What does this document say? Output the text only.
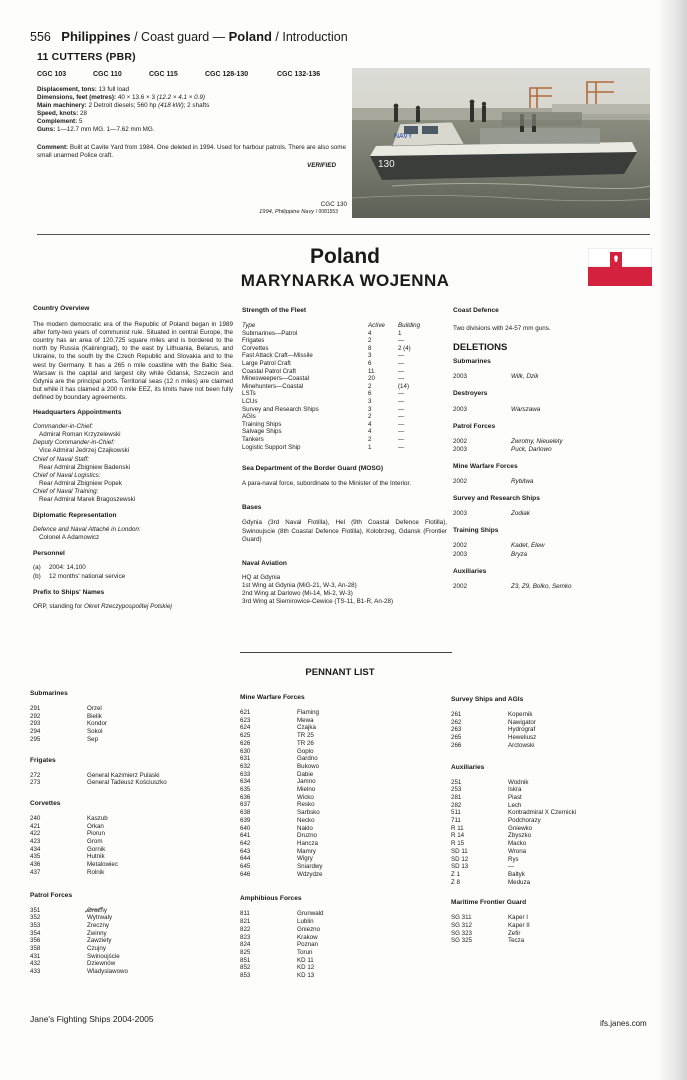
556 Philippines / Coast guard — Poland / Introduction
11 CUTTERS (PBR)
CGC 103	CGC 110	CGC 115	CGC 128-130	CGC 132-136
Displacement, tons: 13 full load
Dimensions, feet (metres): 40 × 13.6 × 3 (12.2 × 4.1 × 0.9)
Main machinery: 2 Detroit diesels; 560 hp (418 kW); 2 shafts
Speed, knots: 28
Complement: 5
Guns: 1—12.7 mm MG. 1—7.62 mm MG.
Comment: Built at Cavite Yard from 1984. One deleted in 1994. Used for harbour patrols. There are also some small unarmed Police craft.
VERIFIED
CGC 130
1994, Philippine Navy / 0081553
NAVY
130
Poland
MARYNARKA WOJENNA
Country Overview

The modern democratic era of the Republic of Poland began in 1989 after forty-two years of communist rule. Situated in central Europe, the country has an area of 120,725 square miles and is bordered to the north by Russia (Kaliningrad), to the east by Lithuania, Belarus, and Ukraine, to the south by the Czech Republic and Slovakia and to the west by Germany. It has a 265 n mile coastline with the Baltic Sea. Warsaw is the capital and largest city while Gdansk, Szczecin and Gdynia are the principal ports. Territorial seas (12 n miles) are claimed but while it has claimed a 200 n mile EEZ, its limits have not been fully defined by boundary agreements.

Headquarters Appointments
Commander-in-Chief:
Admiral Roman Krzyzelewski
Deputy Commander-in-Chief:
Vice Admiral Jedrzej Czajkowski
Chief of Naval Staff:
Rear Admiral Zbigniew Badenski
Chief of Naval Logistics:
Rear Admiral Zbigniew Popek
Chief of Naval Training:
Rear Admiral Marek Bragoszewski
Diplomatic Representation
Defence and Naval Attaché in London:
Colonel A Adamowicz
Personnel
(a)	2004: 14,100
(b)	12 months' national service
Prefix to Ships' Names

ORP, standing for Okret Rzeczypospolitej Polskiej

Strength of the Fleet
Type	Active	Building
Submarines—Patrol	4	1
Frigates	2	—
Corvettes	8	2 (4)
Fast Attack Craft—Missile	3	—
Large Patrol Craft	6	—
Coastal Patrol Craft	11	—
Minesweepers—Coastal	20	—
Minehunters—Coastal	2	(14)
LSTs	6	—
LCUs	3	—
Survey and Research Ships	3	—
AGIs	2	—
Training Ships	4	—
Salvage Ships	4	—
Tankers	2	—
Logistic Support Ship	1	—
Sea Department of the Border Guard (MOSG)

A para-naval force, subordinate to the Minister of the Interior.

Bases

Gdynia (3rd Naval Flotilla), Hel (9th Coastal Defence Flotilla), Swinoujscie (8th Coastal Defence Flotilla), Kolobrzeg, Gdansk (Frontier Guard)

Naval Aviation
HQ at Gdynia
1st Wing at Gdynia (MiG-21, W-3, An-28)
2nd Wing at Darlowo (Mi-14, Mi-2, W-3)
3rd Wing at Siemirowice-Cewice (TS-11, B1-R, An-28)
Coast Defence

Two divisions with 24-57 mm guns.

DELETIONS
Submarines
2003	Wilk, Dzik
Destroyers
2003	Warszawa
Patrol Forces
2002	Zwrotny, Nieuelety
2003	Puck, Darlowo
Mine Warfare Forces
2002	Rybitwa
Survey and Research Ships
2003	Zodiak
Training Ships
2002	Kadet, Elew
2003	Bryza
Auxiliaries
2002	Z3, Z9, Bolko, Semko
PENNANT LIST
Submarines
291	Orzel
292	Bielik
293	Kondor
294	Sokol
295	Sep
Frigates
272	General Kazimierz Pulaski
273	General Tadeusz Kościuszko
Corvettes
240	Kaszub
421	Orkan
422	Piorun
423	Grom
434	Gornik
435	Hutnik
436	Metalowiec
437	Rolnik
Patrol Forces
351	Grozny
352	Wytrwaly
353	Zreczny
354	Zwinny
356	Zawziety
358	Czujny
431	Swinoujście
432	Dziewnów
433	Wladyslawowo
Mine Warfare Forces
621	Flaming
623	Mewa
624	Czajka
625	TR 25
626	TR 26
630	Goplo
631	Gardno
632	Bukowo
633	Dabie
634	Jamno
635	Mielno
636	Wicko
637	Resko
638	Sarbsko
639	Necko
640	Naklo
641	Druzno
642	Hancza
643	Mamry
644	Wigry
645	Sniardwy
646	Wdzydze
Amphibious Forces
811	Grunwald
821	Lublin
822	Gniezno
823	Krakow
824	Poznan
825	Torun
851	KD 11
852	KD 12
853	KD 13
Survey Ships and AGIs
261	Kopernik
262	Nawigator
263	Hydrograf
265	Heweliusz
266	Arctowski
Auxiliaries
251	Wodnik
253	Iskra
281	Piast
282	Lech
511	Kontradmiral X Czernicki
711	Podchorazy
R 11	Gniewko
R 14	Zbyszko
R 15	Macko
SD 11	Wrona
SD 12	Rys
SD 13	—
Z 1	Baltyk
Z 8	Meduza
Maritime Frontier Guard
SG 311	Kaper I
SG 312	Kaper II
SG 323	Zefir
SG 325	Tecza
Jane's Fighting Ships 2004-2005	ifs.janes.com
